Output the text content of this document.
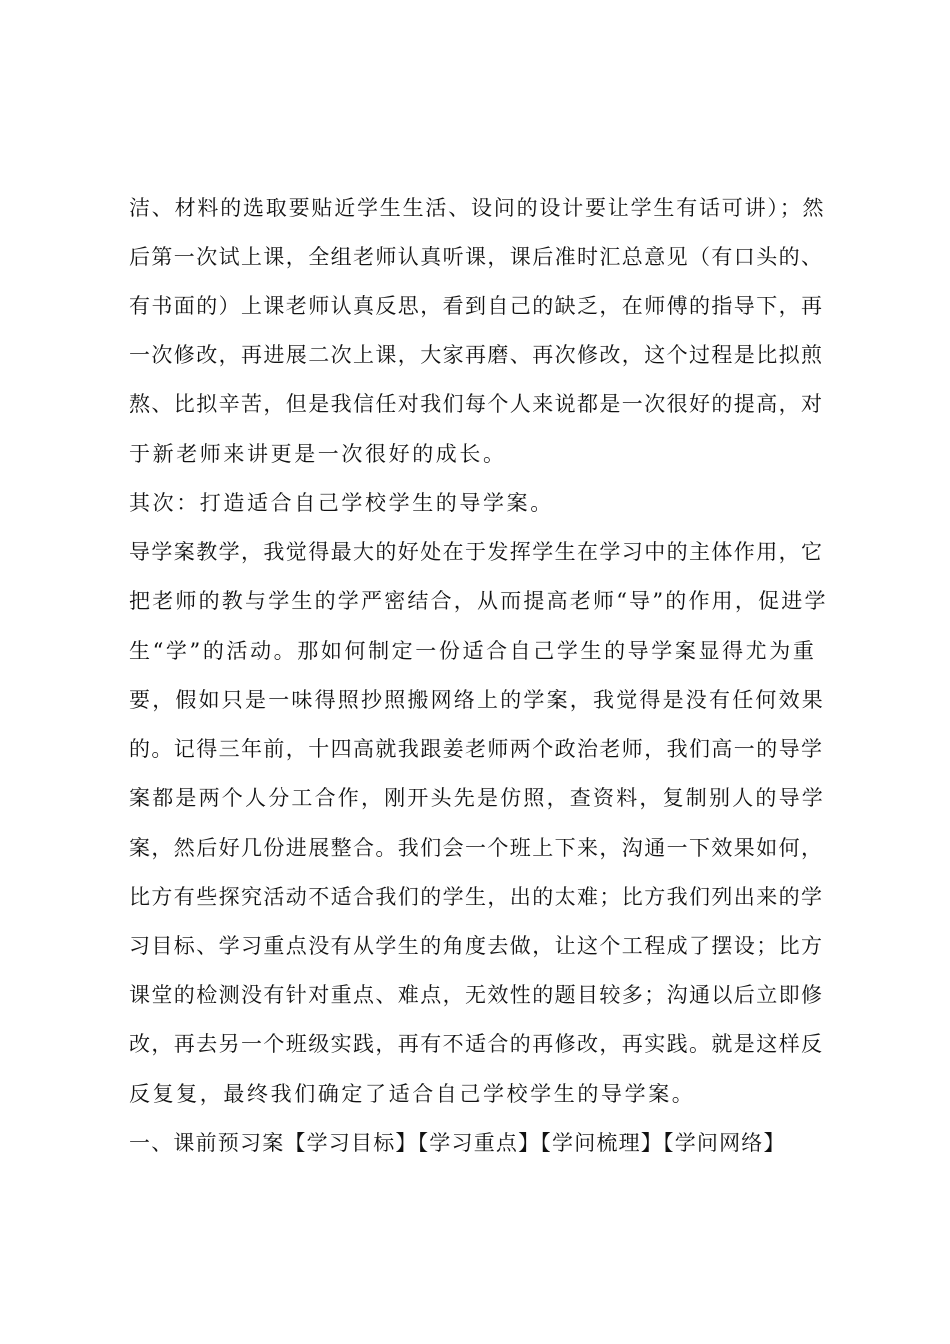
洁、材料的选取要贴近学生生活、设问的设计要让学生有话可讲）；然
后第一次试上课，全组老师认真听课，课后准时汇总意见（有口头的、
有书面的）上课老师认真反思，看到自己的缺乏，在师傅的指导下，再
一次修改，再进展二次上课，大家再磨、再次修改，这个过程是比拟煎
熬、比拟辛苦，但是我信任对我们每个人来说都是一次很好的提高，对
于新老师来讲更是一次很好的成长。
其次：打造适合自己学校学生的导学案。
导学案教学，我觉得最大的好处在于发挥学生在学习中的主体作用，它
把老师的教与学生的学严密结合，从而提高老师“导”的作用，促进学
生“学”的活动。那如何制定一份适合自己学生的导学案显得尤为重
要，假如只是一味得照抄照搬网络上的学案，我觉得是没有任何效果
的。记得三年前，十四高就我跟姜老师两个政治老师，我们高一的导学
案都是两个人分工合作，刚开头先是仿照，查资料，复制别人的导学
案，然后好几份进展整合。我们会一个班上下来，沟通一下效果如何，
比方有些探究活动不适合我们的学生，出的太难；比方我们列出来的学
习目标、学习重点没有从学生的角度去做，让这个工程成了摆设；比方
课堂的检测没有针对重点、难点，无效性的题目较多；沟通以后立即修
改，再去另一个班级实践，再有不适合的再修改，再实践。就是这样反
反复复，最终我们确定了适合自己学校学生的导学案。
一、课前预习案【学习目标】【学习重点】【学问梳理】【学问网络】
